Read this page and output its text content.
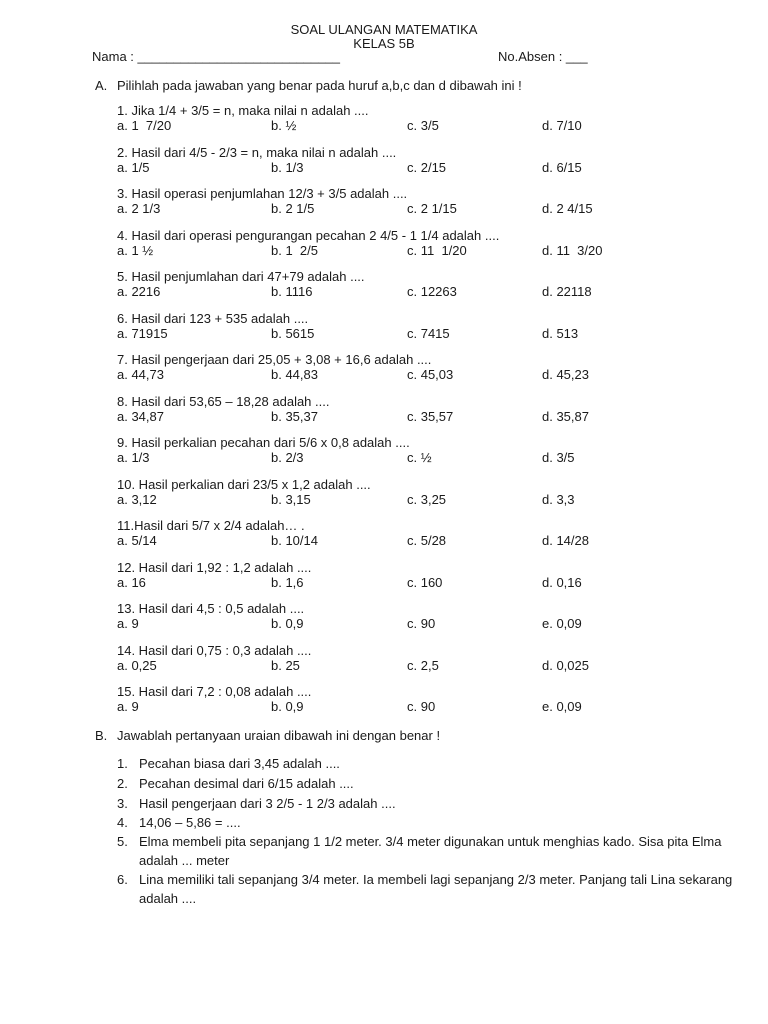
SOAL ULANGAN MATEMATIKA
KELAS 5B
Nama : ____________________________	No.Absen : ___
A. Pilihlah pada jawaban yang benar pada huruf a,b,c dan d dibawah ini !
1. Jika 1/4 + 3/5 = n, maka nilai n adalah ....
a. 1  7/20	b. ½	c. 3/5	d. 7/10
2. Hasil dari 4/5 - 2/3 = n, maka nilai n adalah ....
a. 1/5	b. 1/3	c. 2/15	d. 6/15
3. Hasil operasi penjumlahan 12/3 + 3/5 adalah ....
a. 2 1/3	b. 2 1/5	c. 2 1/15	d. 2 4/15
4. Hasil dari operasi pengurangan pecahan 2 4/5 - 1 1/4 adalah ....
a. 1 ½	b. 1  2/5	c. 11  1/20	d. 11  3/20
5. Hasil penjumlahan dari 47+79 adalah ....
a. 2216	b. 1116	c. 12263	d. 22118
6. Hasil dari 123 + 535 adalah ....
a. 71915	b. 5615	c. 7415	d. 513
7. Hasil pengerjaan dari 25,05 + 3,08 + 16,6 adalah ....
a. 44,73	b. 44,83	c. 45,03	d. 45,23
8. Hasil dari 53,65 – 18,28 adalah ....
a. 34,87	b. 35,37	c. 35,57	d. 35,87
9. Hasil perkalian pecahan dari 5/6 x 0,8 adalah ....
a. 1/3	b. 2/3	c. ½	d. 3/5
10. Hasil perkalian dari 23/5 x 1,2 adalah ....
a. 3,12	b. 3,15	c. 3,25	d. 3,3
11.Hasil dari 5/7 x 2/4 adalah… .
a. 5/14	b. 10/14	c. 5/28	d. 14/28
12. Hasil dari 1,92 : 1,2 adalah ....
a. 16	b. 1,6	c. 160	d. 0,16
13. Hasil dari 4,5 : 0,5 adalah ....
a. 9	b. 0,9	c. 90	e. 0,09
14. Hasil dari 0,75 : 0,3 adalah ....
a. 0,25	b. 25	c. 2,5	d. 0,025
15. Hasil dari 7,2 : 0,08 adalah ....
a. 9	b. 0,9	c. 90	e. 0,09
B. Jawablah pertanyaan uraian dibawah ini dengan benar !
1. Pecahan biasa dari 3,45 adalah ....
2. Pecahan desimal dari 6/15 adalah ....
3. Hasil pengerjaan dari 3 2/5 - 1 2/3 adalah ....
4. 14,06 – 5,86 = ....
5. Elma membeli pita sepanjang 1 1/2 meter. 3/4 meter digunakan untuk menghias kado. Sisa pita Elma adalah ... meter
6. Lina memiliki tali sepanjang 3/4 meter. Ia membeli lagi sepanjang 2/3 meter. Panjang tali Lina sekarang adalah ....
